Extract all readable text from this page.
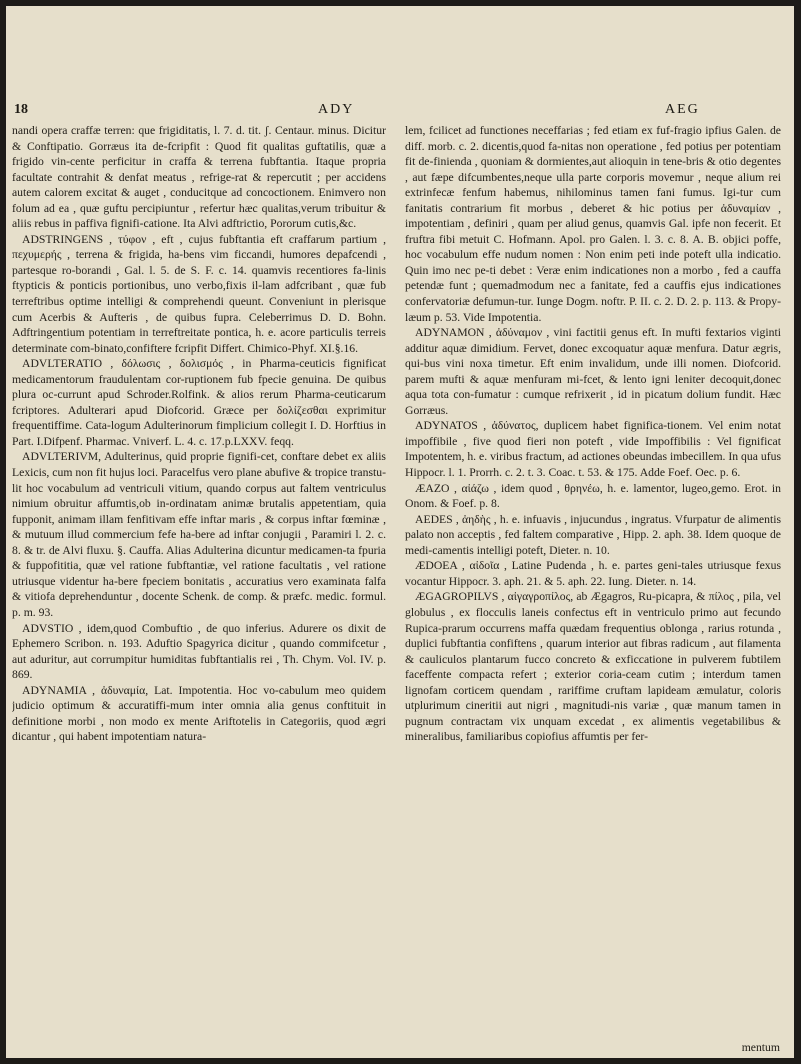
18	ADY	AEG

nandi opera craffæ terren: que frigiditatis, l. 7. d. tit. ʃ. Centaur. minus. Dicitur & Conftipatio. Gorræus ita de-fcripfit : Quod fit qualitas guftatilis, quæ a frigido vin-cente perficitur in craffa & terrena fubftantia. Itaque propria facultate contrahit & denfat meatus , refrige-rat & repercutit ; per accidens autem calorem excitat & auget , conducitque ad concoctionem. Enimvero non folum ad ea , quæ guftu percipiuntur , refertur hæc qualitas,verum tribuitur & aliis rebus in paffiva fignifi-catione. Ita Alvi adftrictio, Pororum cutis,&c.

ADSTRINGENS , τύφον , eft , cujus fubftantia eft craffarum partium , πεχυμερής , terrena & frigida, ha-bens vim ficcandi, humores depafcendi , partesque ro-borandi , Gal. l. 5. de S. F. c. 14. quamvis recentiores fa-linis ftypticis & ponticis portionibus, uno verbo,fixis il-lam adfcribant , quæ fub terreftribus optime intelligi & comprehendi queunt. Conveniunt in plerisque cum Acerbis & Aufteris , de quibus fupra. Celeberrimus D. D. Bohn. Adftringentium potentiam in terreftreitate pontica, h. e. acore particulis terreis determinate com-binato,confiftere fcripfit Differt. Chimico-Phyf. XI.§.16.

ADVLTERATIO , δόλωσις , δολισμός , in Pharma-ceuticis fignificat medicamentorum fraudulentam cor-ruptionem fub fpecie genuina. De quibus plura oc-currunt apud Schroder.Rolfink. & alios rerum Pharma-ceuticarum fcriptores. Adulterari apud Diofcorid. Græce per δολίζεσθαι exprimitur frequentiffime. Cata-logum Adulterinorum fimplicium collegit I. D. Horftius in Part. I.Difpenf. Pharmac. Vniverf. L. 4. c. 17.p.LXXV. feqq.

ADVLTERIVM, Adulterinus, quid proprie fignifi-cet, conftare debet ex aliis Lexicis, cum non fit hujus loci. Paracelfus vero plane abufive & tropice transtu-lit hoc vocabulum ad ventriculi vitium, quando corpus aut faltem ventriculus nimium obruitur affumtis,ob in-ordinatam animæ brutalis appetentiam, quia fupponit, animam illam fenfitivam effe inftar maris , & corpus inftar fœminæ , & mutuum illud commercium fefe ha-bere ad inftar conjugii , Paramiri l. 2. c. 8. & tr. de Alvi fluxu. §. Cauffa. Alias Adulterina dicuntur medicamen-ta fpuria & fuppofititia, quæ vel ratione fubftantiæ, vel ratione facultatis , vel ratione utriusque videntur ha-bere fpeciem bonitatis , accuratius vero examinata falfa & vitiofa deprehenduntur , docente Schenk. de comp. & præfc. medic. formul. p. m. 93.

ADVSTIO , idem,quod Combuftio , de quo inferius. Adurere os dixit de Ephemero Scribon. n. 193. Aduftio Spagyrica dicitur , quando commifcetur , aut aduritur, aut corrumpitur humiditas fubftantialis rei , Th. Chym. Vol. IV. p. 869.

ADYNAMIA , ἀδυναμία, Lat. Impotentia. Hoc vo-cabulum meo quidem judicio optimum & accuratiffi-mum inter omnia alia genus conftituit in definitione morbi , non modo ex mente Ariftotelis in Categoriis, quod ægri dicantur , qui habent impotentiam natura-

lem, fcilicet ad functiones neceffarias ; fed etiam ex fuf-fragio ipfius Galen. de diff. morb. c. 2. dicentis,quod fa-nitas non operatione , fed potius per potentiam fit de-finienda , quoniam & dormientes,aut alioquin in tene-bris & otio degentes , aut fæpe difcumbentes,neque ulla parte corporis movemur , neque alium rei extrinfecæ fenfum habemus, nihilominus tamen fani fumus. Igi-tur cum fanitatis contrarium fit morbus , deberet & hic potius per ἀδυναμίαν , impotentiam , definiri , quam per aliud genus, quamvis Gal. ipfe non fecerit. Et fruftra fibi metuit C. Hofmann. Apol. pro Galen. l. 3. c. 8. A. B. objici poffe, hoc vocabulum effe nudum nomen : Non enim peti inde poteft ulla indicatio. Quin imo nec pe-ti debet : Veræ enim indicationes non a morbo , fed a cauffa petendæ funt ; quemadmodum nec a fanitate, fed a cauffis ejus indicationes confervatoriæ defumun-tur. Iunge Dogm. noftr. P. II. c. 2. D. 2. p. 113. & Propy-læum p. 53. Vide Impotentia.

ADYNAMON , ἀδύναμον , vini factitii genus eft. In mufti fextarios viginti additur aquæ dimidium. Fervet, donec excoquatur aquæ menfura. Datur ægris, qui-bus vini noxa timetur. Eft enim invalidum, unde illi nomen. Diofcorid. parem mufti & aquæ menfuram mi-fcet, & lento igni leniter decoquit,donec aqua tota con-fumatur : cumque refrixerit , id in picatum dolium fundit. Hæc Gorræus.

ADYNATOS , ἀδύνατος, duplicem habet fignifica-tionem. Vel enim notat impoffibile , five quod fieri non poteft , vide Impoffibilis : Vel fignificat Impotentem, h. e. viribus fractum, ad actiones obeundas imbecillem. In qua ufus Hippocr. l. 1. Prorrh. c. 2. t. 3. Coac. t. 53. & 175. Adde Foef. Oec. p. 6.

ÆAZO , αἰάζω , idem quod , θρηνέω, h. e. lamentor, lugeo,gemo. Erot. in Onom. & Foef. p. 8.

AEDES , ἀηδὴς , h. e. infuavis , injucundus , ingratus. Vfurpatur de alimentis palato non acceptis , fed faltem comparative , Hipp. 2. aph. 38. Idem quoque de medi-camentis intelligi poteft, Dieter. n. 10.

ÆDOEA , αἰδοῖα , Latine Pudenda , h. e. partes geni-tales utriusque fexus vocantur Hippocr. 3. aph. 21. & 5. aph. 22. Iung. Dieter. n. 14.

ÆGAGROPILVS , αἰγαγροπίλος, ab Ægagros, Ru-picapra, & πίλος , pila, vel globulus , ex flocculis laneis confectus eft in ventriculo primo aut fecundo Rupica-prarum occurrens maffa quædam frequentius oblonga , rarius rotunda , duplici fubftantia confiftens , quarum interior aut fibras radicum , aut filamenta & cauliculos plantarum fucco concreto & exficcatione in pulverem fubtilem faceffente compacta refert ; exterior coria-ceam cutim ; interdum tamen lignofam corticem quendam , rariffime cruftam lapideam æmulatur, coloris utplurimum cineritii aut nigri , magnitudi-nis variæ , quæ manum tamen in pugnum contractam vix unquam excedat , ex alimentis vegetabilibus & mineralibus, familiaribus copiofius affumtis per fer-

mentum
